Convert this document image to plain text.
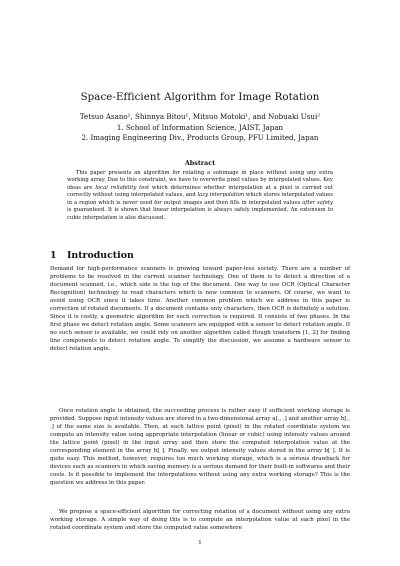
Space-Efficient Algorithm for Image Rotation
Tetsuo Asano¹, Shinnya Bitou¹, Mitsuo Motoki¹, and Nobuaki Usui²
1. School of Information Science, JAIST, Japan
2. Imaging Engineering Div., Products Group, PFU Limited, Japan
Abstract
This paper presents an algorithm for rotating a subimage in place without using any extra working array. Due to this constraint, we have to overwrite pixel values by interpolated values. Key ideas are local reliability test which determines whether interpolation at a pixel is carried out correctly without using interpolated values, and lazy interpolation which stores interpolated values in a region which is never used for output images and then fills in interpolated values after safety is guaranteed. It is shown that linear interpolation is always safely implemented. An extension to cubic interpolation is also discussed.
1 Introduction
Demand for high-performance scanners is growing toward paper-less society. There are a number of problems to be resolved in the current scanner technology. One of them is to detect a direction of a document scanned, i.e., which side is the top of the document. One way to use OCR (Optical Character Recognition) technology to read characters which is now common to scanners. Of course, we want to avoid using OCR since it takes time. Another common problem which we address in this paper is correction of rotated documents. If a document contains only characters, then OCR is definitely a solution. Since it is costly, a geometric algorithm for such correction is required. It consists of two phases. In the first phase we detect rotation angle. Some scanners are equipped with a sensor to detect rotation angle. If no such sensor is available, we could rely on another algorithm called Hough transform [1, 2] for finding line components to detect rotation angle. To simplify the discussion, we assume a hardware sensor to detect rotation angle.
Once rotation angle is obtained, the succeeding process is rather easy if sufficient working storage is provided. Suppose input intensity values are stored in a two-dimensional array a[., .] and another array b[., .] of the same size is available. Then, at each lattice point (pixel) in the rotated coordinate system we compute an intensity value using appropriate interpolation (linear or cubic) using intensity values around the lattice point (pixel) in the input array and then store the computed interpolation value at the corresponding element in the array b[ ]. Finally, we output intensity values stored in the array b[ ]. It is quite easy. This method, however, requires too much working storage, which is a serious drawback for devices such as scanners in which saving memory is a serious demand for their built-in softwares and their costs. Is it possible to implement the interpolations without using any extra working storage? This is the question we address in this paper.
We propose a space-efficient algorithm for correcting rotation of a document without using any extra working storage. A simple way of doing this is to compute an interpolation value at each pixel in the rotated coordinate system and store the computed value somewhere
1
